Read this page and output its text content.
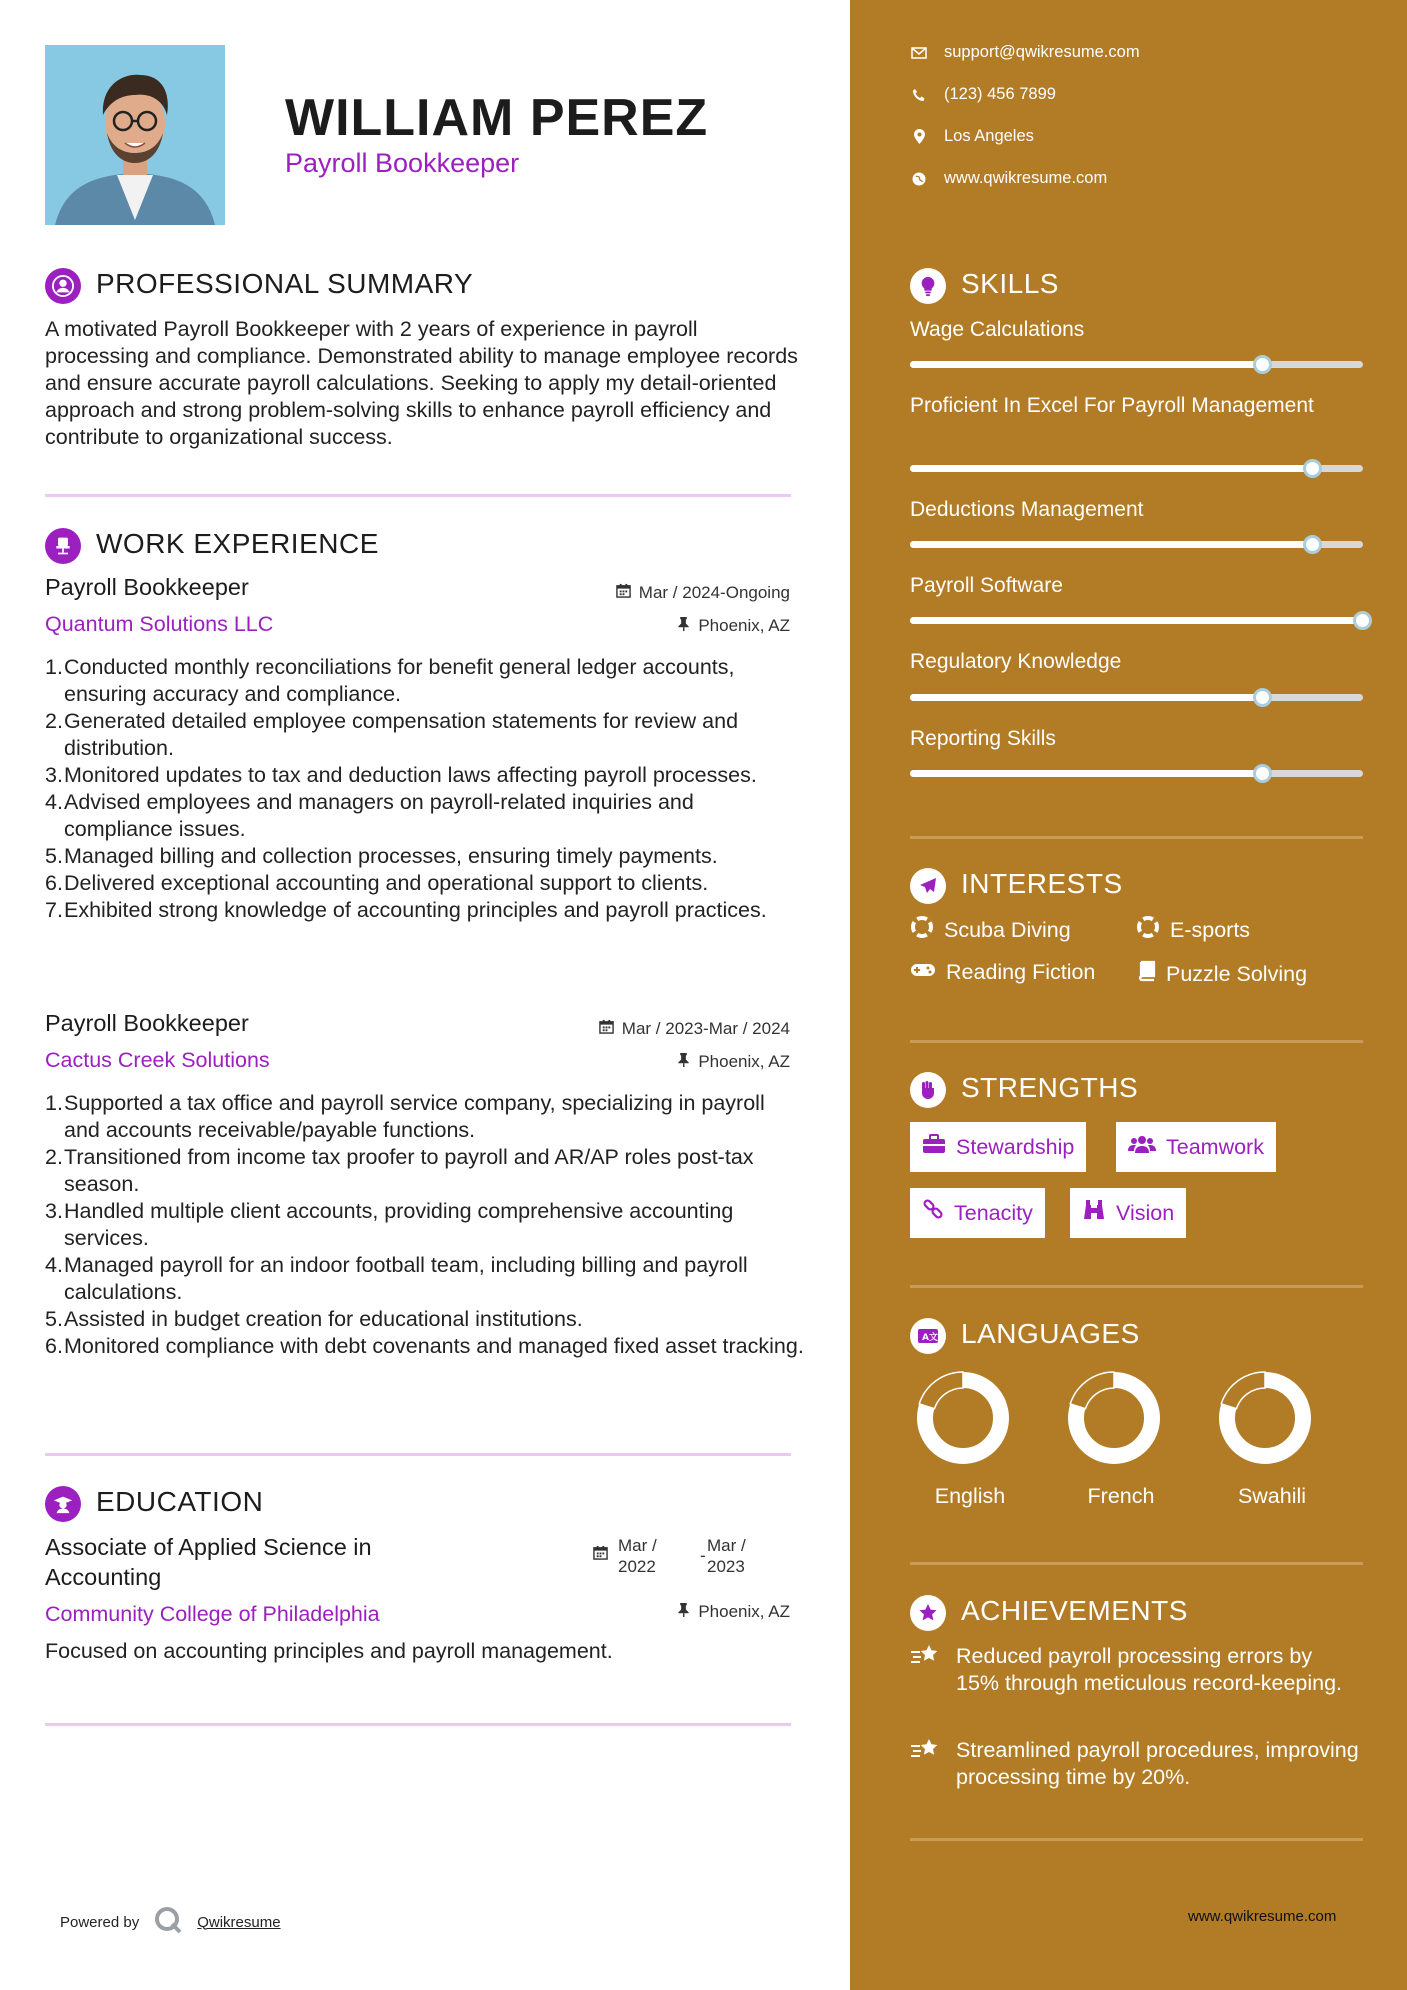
WILLIAM PEREZ
Payroll Bookkeeper
PROFESSIONAL SUMMARY
A motivated Payroll Bookkeeper with 2 years of experience in payroll processing and compliance. Demonstrated ability to manage employee records and ensure accurate payroll calculations. Seeking to apply my detail-oriented approach and strong problem-solving skills to enhance payroll efficiency and contribute to organizational success.
WORK EXPERIENCE
Payroll Bookkeeper	Mar / 2024-Ongoing
Quantum Solutions LLC	Phoenix, AZ
1. Conducted monthly reconciliations for benefit general ledger accounts, ensuring accuracy and compliance.
2. Generated detailed employee compensation statements for review and distribution.
3. Monitored updates to tax and deduction laws affecting payroll processes.
4. Advised employees and managers on payroll-related inquiries and compliance issues.
5. Managed billing and collection processes, ensuring timely payments.
6. Delivered exceptional accounting and operational support to clients.
7. Exhibited strong knowledge of accounting principles and payroll practices.
Payroll Bookkeeper	Mar / 2023-Mar / 2024
Cactus Creek Solutions	Phoenix, AZ
1. Supported a tax office and payroll service company, specializing in payroll and accounts receivable/payable functions.
2. Transitioned from income tax proofer to payroll and AR/AP roles post-tax season.
3. Handled multiple client accounts, providing comprehensive accounting services.
4. Managed payroll for an indoor football team, including billing and payroll calculations.
5. Assisted in budget creation for educational institutions.
6. Monitored compliance with debt covenants and managed fixed asset tracking.
EDUCATION
Associate of Applied Science in Accounting
Mar /
2022
-
Mar /
2023
Community College of Philadelphia	Phoenix, AZ
Focused on accounting principles and payroll management.
Powered by	Qwikresume
support@qwikresume.com
(123) 456 7899
Los Angeles
www.qwikresume.com
SKILLS
Wage Calculations
Proficient In Excel For Payroll Management
Deductions Management
Payroll Software
Regulatory Knowledge
Reporting Skills
INTERESTS
Scuba Diving	E-sports
Reading Fiction	Puzzle Solving
STRENGTHS
Stewardship	Teamwork
Tenacity	Vision
A 文 LANGUAGES
English	French	Swahili
ACHIEVEMENTS
Reduced payroll processing errors by 15% through meticulous record-keeping.
Streamlined payroll procedures, improving processing time by 20%.
www.qwikresume.com
